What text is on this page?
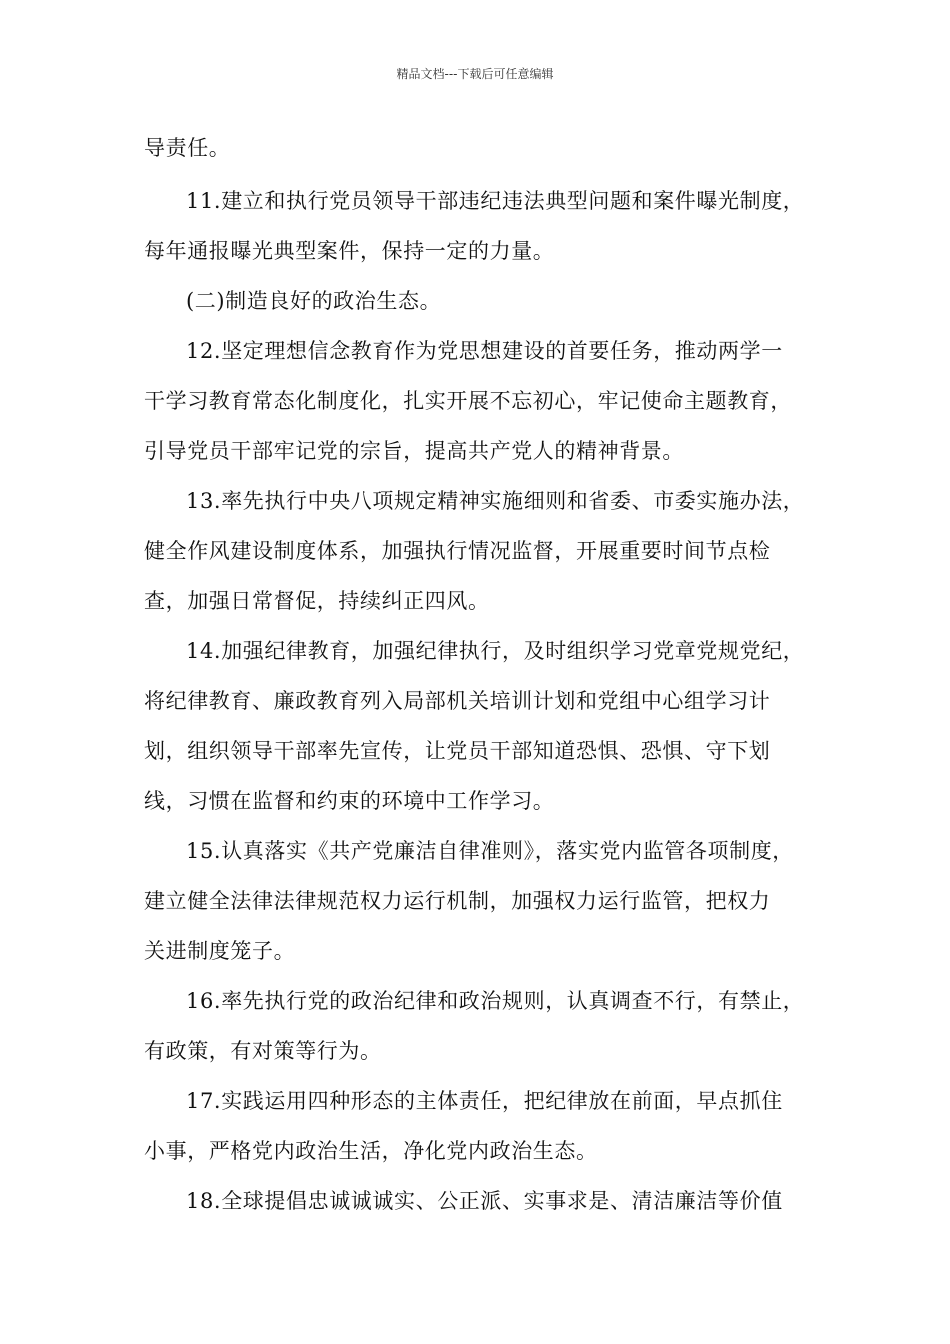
精品文档---下载后可任意编辑
导责任。
11.建立和执行党员领导干部违纪违法典型问题和案件曝光制度，
每年通报曝光典型案件，保持一定的力量。
(二)制造良好的政治生态。
12.坚定理想信念教育作为党思想建设的首要任务，推动两学一
干学习教育常态化制度化，扎实开展不忘初心，牢记使命主题教育，
引导党员干部牢记党的宗旨，提高共产党人的精神背景。
13.率先执行中央八项规定精神实施细则和省委、市委实施办法，
健全作风建设制度体系，加强执行情况监督，开展重要时间节点检
查，加强日常督促，持续纠正四风。
14.加强纪律教育，加强纪律执行，及时组织学习党章党规党纪，
将纪律教育、廉政教育列入局部机关培训计划和党组中心组学习计
划，组织领导干部率先宣传，让党员干部知道恐惧、恐惧、守下划
线，习惯在监督和约束的环境中工作学习。
15.认真落实《共产党廉洁自律准则》，落实党内监管各项制度，
建立健全法律法律规范权力运行机制，加强权力运行监管，把权力
关进制度笼子。
16.率先执行党的政治纪律和政治规则，认真调查不行，有禁止，
有政策，有对策等行为。
17.实践运用四种形态的主体责任，把纪律放在前面，早点抓住
小事，严格党内政治生活，净化党内政治生态。
18.全球提倡忠诚诚诚实、公正派、实事求是、清洁廉洁等价值
